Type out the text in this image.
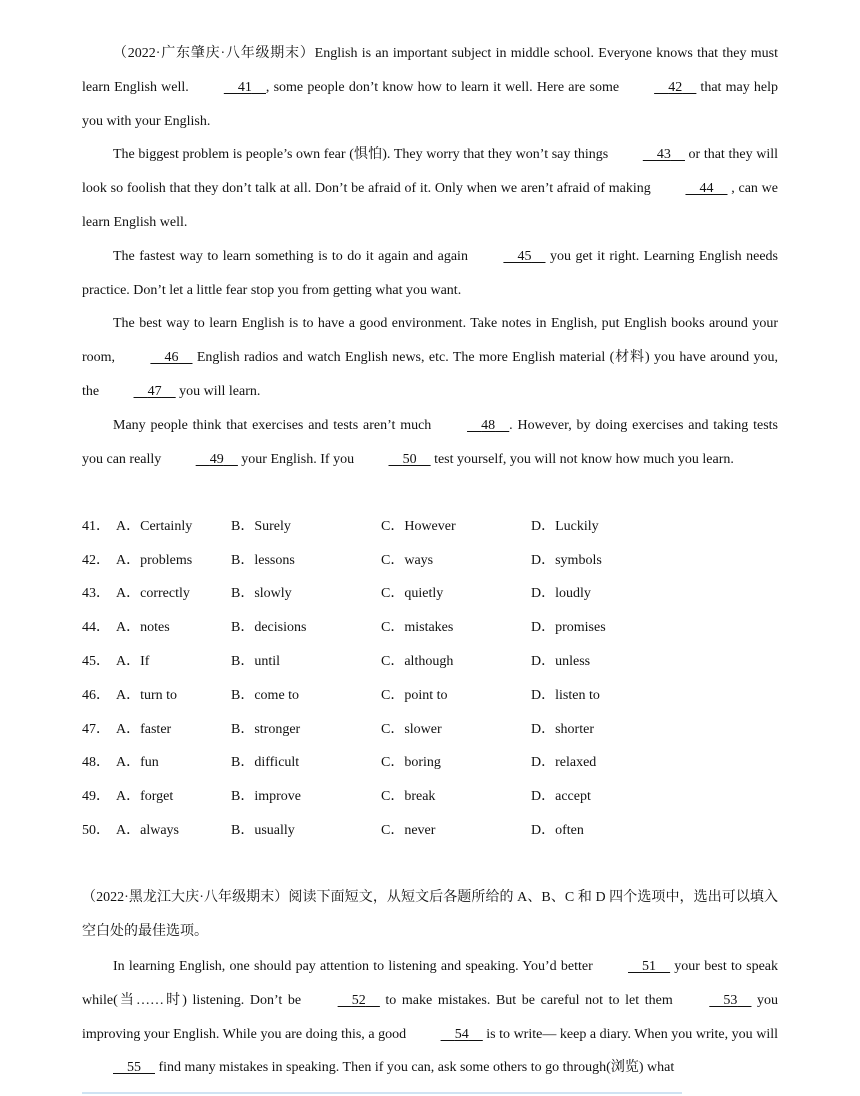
（2022·广东肇庆·八年级期末）English is an important subject in middle school. Everyone knows that they must learn English well.	41 , some people don’t know how to learn it well. Here are some	42 that may help you with your English.

The biggest problem is people’s own fear (惧怕). They worry that they won’t say things	43 or that they will look so foolish that they don’t talk at all. Don’t be afraid of it. Only when we aren’t afraid of making	44 , can we learn English well.

The fastest way to learn something is to do it again and again	45 you get it right. Learning English needs practice. Don’t let a little fear stop you from getting what you want.

The best way to learn English is to have a good environment. Take notes in English, put English books around your room,	46 English radios and watch English news, etc. The more English material (材料) you have around you, the	47 you will learn.

Many people think that exercises and tests aren’t much	48 . However, by doing exercises and taking tests you can really	49 your English. If you	50 test yourself, you will not know how much you learn.

41． A．Certainly	B．Surely	C．However	D．Luckily
42． A．problems	B．lessons	C．ways	D．symbols
43． A．correctly	B．slowly	C．quietly	D．loudly
44． A．notes	B．decisions	C．mistakes	D．promises
45． A．If	B．until	C．although	D．unless
46． A．turn to	B．come to	C．point to	D．listen to
47． A．faster	B．stronger	C．slower	D．shorter
48． A．fun	B．difficult	C．boring	D．relaxed
49． A．forget	B．improve	C．break	D．accept
50． A．always	B．usually	C．never	D．often

（2022·黑龙江大庆·八年级期末）阅读下面短文，从短文后各题所给的 A、B、C 和 D 四个选项中，选出可以填入空白处的最佳选项。

In learning English, one should pay attention to listening and speaking. You’d better	51 your best to speak while(当……时) listening. Don’t be	52 to make mistakes. But be careful not to let them	53 you improving your English. While you are doing this, a good	54 is to write— keep a diary. When you write, you will 55 find many mistakes in speaking. Then if you can, ask some others to go through(浏览) what
